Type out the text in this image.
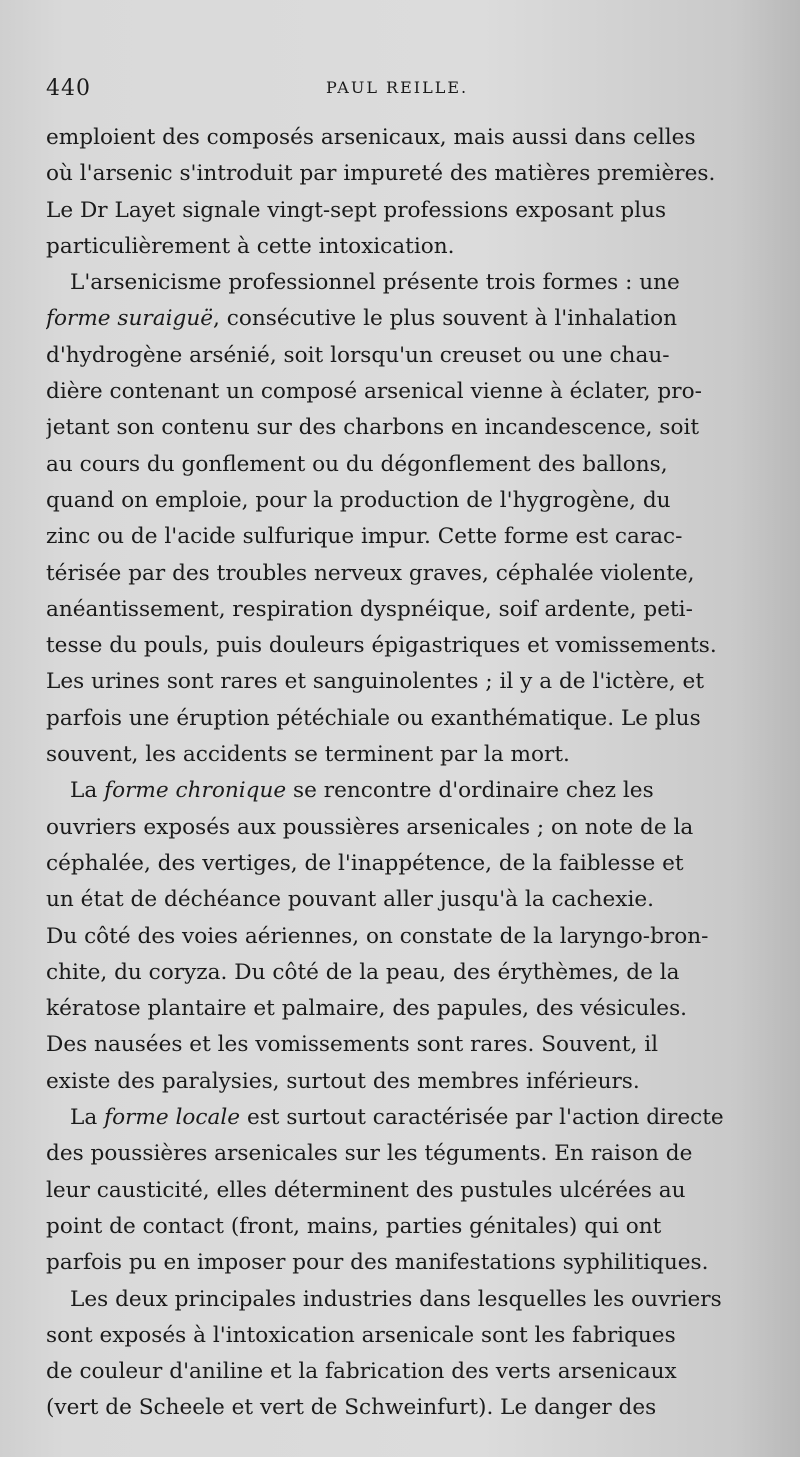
440	PAUL REILLE.
emploient des composés arsenicaux, mais aussi dans celles
où l'arsenic s'introduit par impureté des matières premières.
Le Dr Layet signale vingt-sept professions exposant plus
particulièrement à cette intoxication.
L'arsenicisme professionnel présente trois formes : une
forme suraiguë, consécutive le plus souvent à l'inhalation
d'hydrogène arsénié, soit lorsqu'un creuset ou une chau-
dière contenant un composé arsenical vienne à éclater, pro-
jetant son contenu sur des charbons en incandescence, soit
au cours du gonflement ou du dégonflement des ballons,
quand on emploie, pour la production de l'hygrogène, du
zinc ou de l'acide sulfurique impur. Cette forme est carac-
térisée par des troubles nerveux graves, céphalée violente,
anéantissement, respiration dyspnéique, soif ardente, peti-
tesse du pouls, puis douleurs épigastriques et vomissements.
Les urines sont rares et sanguinolentes ; il y a de l'ictère, et
parfois une éruption pétéchiale ou exanthématique. Le plus
souvent, les accidents se terminent par la mort.
La forme chronique se rencontre d'ordinaire chez les
ouvriers exposés aux poussières arsenicales ; on note de la
céphalée, des vertiges, de l'inappétence, de la faiblesse et
un état de déchéance pouvant aller jusqu'à la cachexie.
Du côté des voies aériennes, on constate de la laryngo-bron-
chite, du coryza. Du côté de la peau, des érythèmes, de la
kératose plantaire et palmaire, des papules, des vésicules.
Des nausées et les vomissements sont rares. Souvent, il
existe des paralysies, surtout des membres inférieurs.
La forme locale est surtout caractérisée par l'action directe
des poussières arsenicales sur les téguments. En raison de
leur causticité, elles déterminent des pustules ulcérées au
point de contact (front, mains, parties génitales) qui ont
parfois pu en imposer pour des manifestations syphilitiques.
Les deux principales industries dans lesquelles les ouvriers
sont exposés à l'intoxication arsenicale sont les fabriques
de couleur d'aniline et la fabrication des verts arsenicaux
(vert de Scheele et vert de Schweinfurt). Le danger des
